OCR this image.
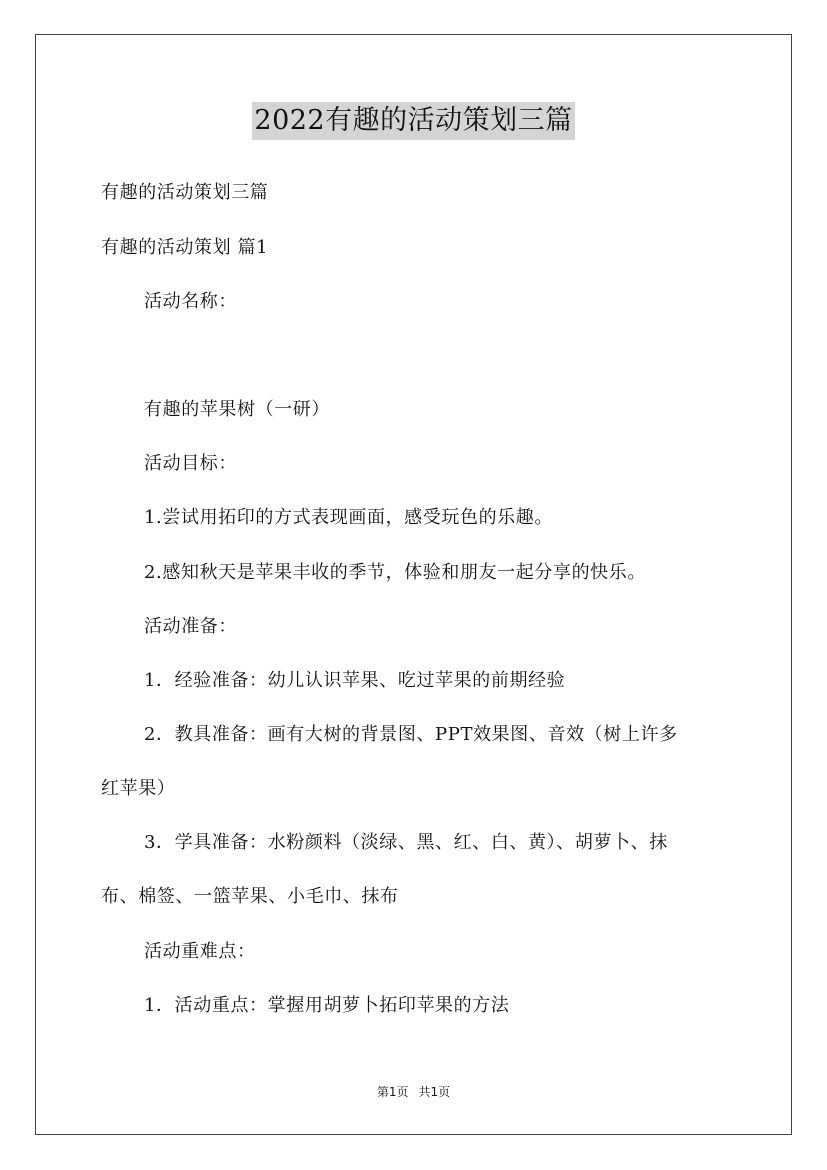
2022有趣的活动策划三篇
有趣的活动策划三篇
有趣的活动策划 篇1
活动名称：
有趣的苹果树（一研）
活动目标：
1.尝试用拓印的方式表现画面，感受玩色的乐趣。
2.感知秋天是苹果丰收的季节，体验和朋友一起分享的快乐。
活动准备：
1．经验准备：幼儿认识苹果、吃过苹果的前期经验
2．教具准备：画有大树的背景图、PPT效果图、音效（树上许多
红苹果）
3．学具准备：水粉颜料（淡绿、黑、红、白、黄）、胡萝卜、抹
布、棉签、一篮苹果、小毛巾、抹布
活动重难点：
1．活动重点：掌握用胡萝卜拓印苹果的方法
第1页 共1页
